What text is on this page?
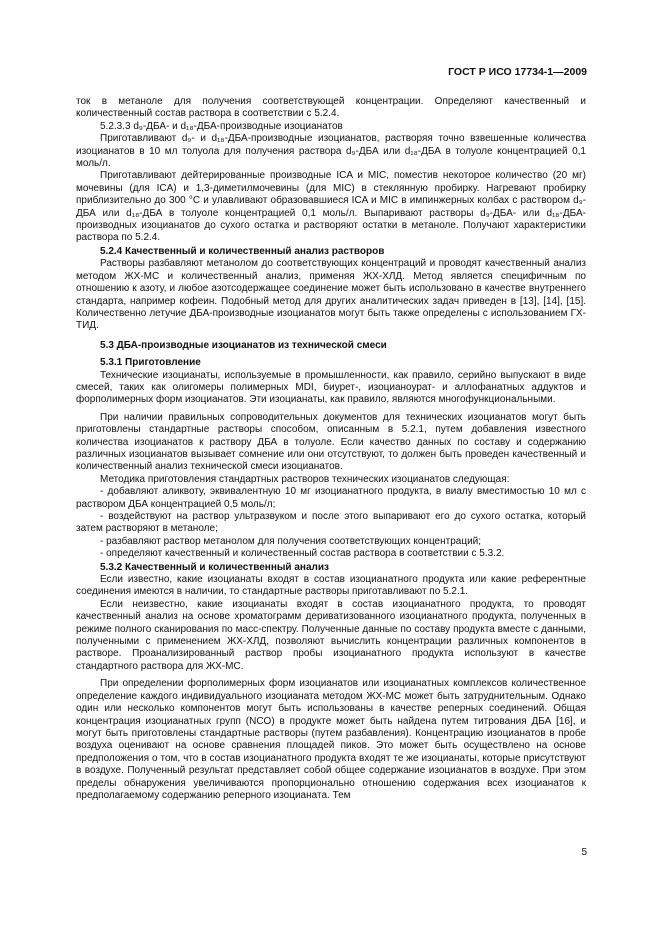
ГОСТ Р ИСО 17734-1—2009

ток в метаноле для получения соответствующей концентрации. Определяют качественный и количественный состав раствора в соответствии с 5.2.4.

5.2.3.3 d₉-ДБА- и d₁₈-ДБА-производные изоцианатов

Приготавливают d₉- и d₁₈-ДБА-производные изоцианатов, растворяя точно взвешенные количества изоцианатов в 10 мл толуола для получения раствора d₉-ДБА или d₁₈-ДБА в толуоле концентрацией 0,1 моль/л.

Приготавливают дейтерированные производные ICA и MIC, поместив некоторое количество (20 мг) мочевины (для ICA) и 1,3-диметилмочевины (для MIC) в стеклянную пробирку. Нагревают пробирку приблизительно до 300 °С и улавливают образовавшиеся ICA и MIC в импинжерных колбах с раствором d₉-ДБА или d₁₈-ДБА в толуоле концентрацией 0,1 моль/л. Выпаривают растворы d₉-ДБА- или d₁₈-ДБА-производных изоцианатов до сухого остатка и растворяют остатки в метаноле. Получают характеристики раствора по 5.2.4.

5.2.4 Качественный и количественный анализ растворов

Растворы разбавляют метанолом до соответствующих концентраций и проводят качественный анализ методом ЖХ-МС и количественный анализ, применяя ЖХ-ХЛД. Метод является специфичным по отношению к азоту, и любое азотсодержащее соединение может быть использовано в качестве внутреннего стандарта, например кофеин. Подобный метод для других аналитических задач приведен в [13], [14], [15]. Количественно летучие ДБА-производные изоцианатов могут быть также определены с использованием ГХ-ТИД.

5.3 ДБА-производные изоцианатов из технической смеси

5.3.1 Приготовление

Технические изоцианаты, используемые в промышленности, как правило, серийно выпускают в виде смесей, таких как олигомеры полимерных MDI, биурет-, изоцианоурат- и аллофанатных аддуктов и форполимерных форм изоцианатов. Эти изоцианаты, как правило, являются многофункциональными.

При наличии правильных сопроводительных документов для технических изоцианатов могут быть приготовлены стандартные растворы способом, описанным в 5.2.1, путем добавления известного количества изоцианатов к раствору ДБА в толуоле. Если качество данных по составу и содержанию различных изоцианатов вызывает сомнение или они отсутствуют, то должен быть проведен качественный и количественный анализ технической смеси изоцианатов.

Методика приготовления стандартных растворов технических изоцианатов следующая:

- добавляют аликвоту, эквивалентную 10 мг изоцианатного продукта, в виалу вместимостью 10 мл с раствором ДБА концентрацией 0,5 моль/л;

- воздействуют на раствор ультразвуком и после этого выпаривают его до сухого остатка, который затем растворяют в метаноле;

- разбавляют раствор метанолом для получения соответствующих концентраций;

- определяют качественный и количественный состав раствора в соответствии с 5.3.2.

5.3.2 Качественный и количественный анализ

Если известно, какие изоцианаты входят в состав изоцианатного продукта или какие референтные соединения имеются в наличии, то стандартные растворы приготавливают по 5.2.1.

Если неизвестно, какие изоцианаты входят в состав изоцианатного продукта, то проводят качественный анализ на основе хроматограмм дериватизованного изоцианатного продукта, полученных в режиме полного сканирования по масс-спектру. Полученные данные по составу продукта вместе с данными, полученными с применением ЖХ-ХЛД, позволяют вычислить концентрации различных компонентов в растворе. Проанализированный раствор пробы изоцианатного продукта используют в качестве стандартного раствора для ЖХ-МС.

При определении форполимерных форм изоцианатов или изоцианатных комплексов количественное определение каждого индивидуального изоцианата методом ЖХ-МС может быть затруднительным. Однако один или несколько компонентов могут быть использованы в качестве реперных соединений. Общая концентрация изоцианатных групп (NCO) в продукте может быть найдена путем титрования ДБА [16], и могут быть приготовлены стандартные растворы (путем разбавления). Концентрацию изоцианатов в пробе воздуха оценивают на основе сравнения площадей пиков. Это может быть осуществлено на основе предположения о том, что в состав изоцианатного продукта входят те же изоцианаты, которые присутствуют в воздухе. Полученный результат представляет собой общее содержание изоцианатов в воздухе. При этом пределы обнаружения увеличиваются пропорционально отношению содержания всех изоцианатов к предполагаемому содержанию реперного изоцианата. Тем

5
